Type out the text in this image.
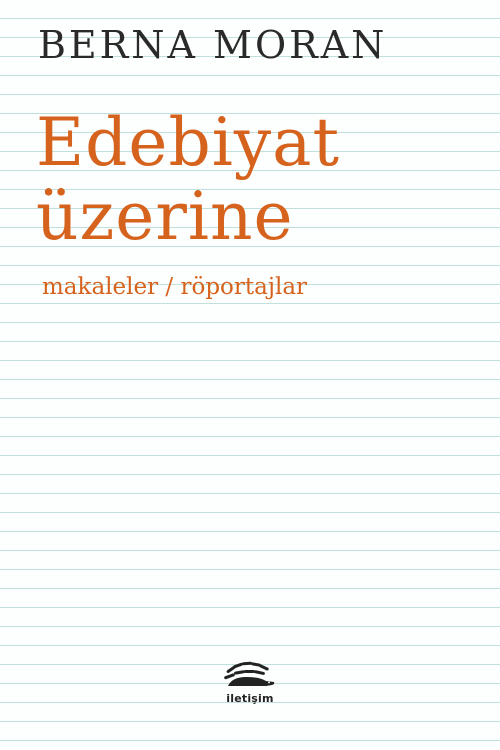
BERNA MORAN
Edebiyat
üzerine
makaleler / röportajlar
iletişim
